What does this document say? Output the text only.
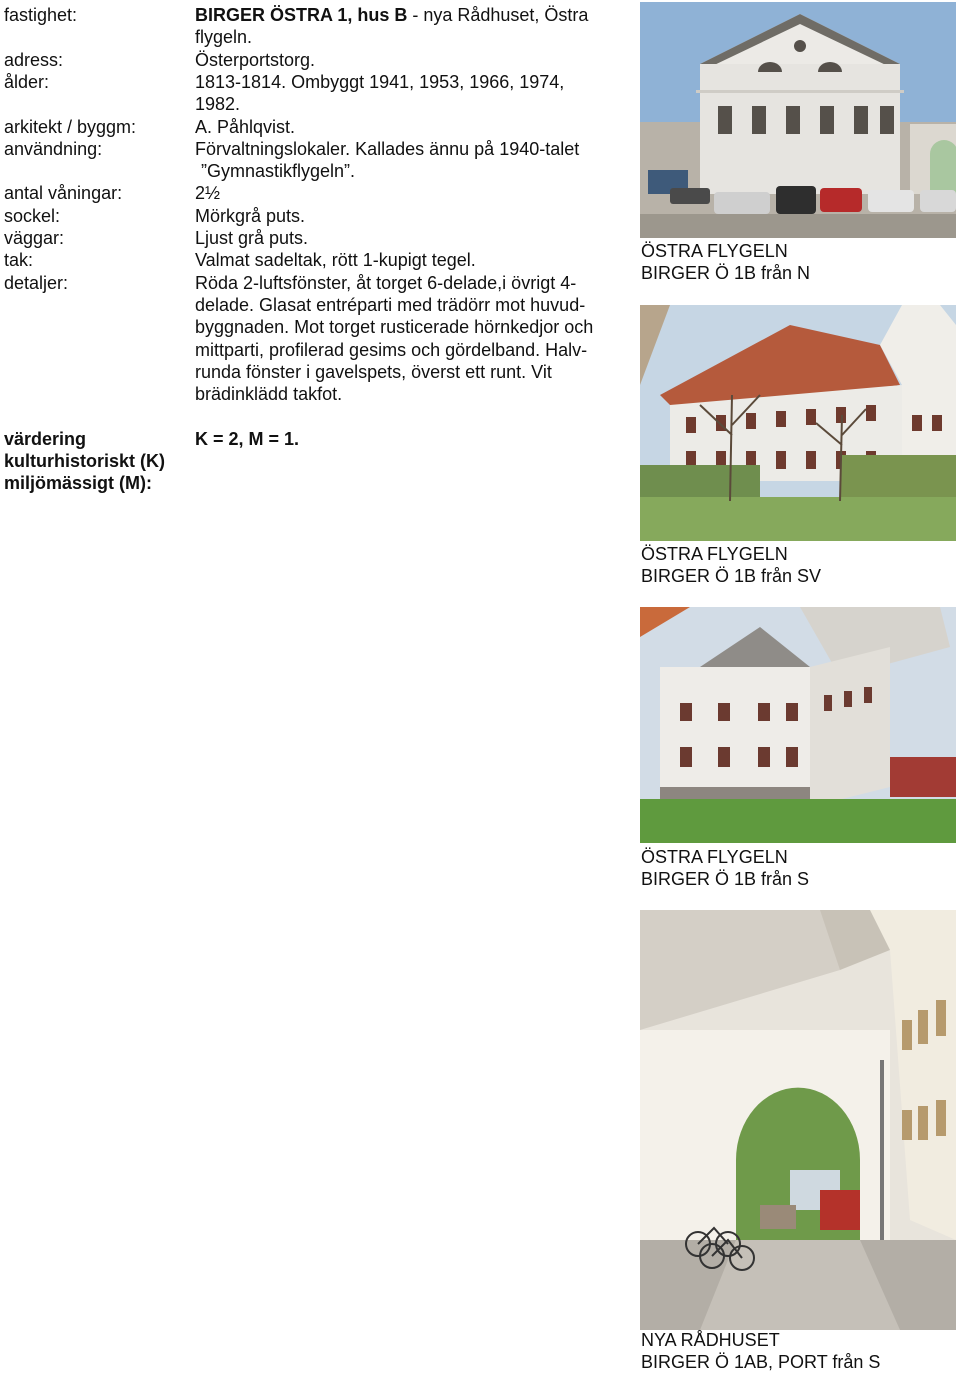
fastighet:	BIRGER ÖSTRA 1, hus B - nya Rådhuset, Östra
flygeln.
adress:	Österportstorg.
ålder:	1813-1814. Ombyggt 1941, 1953, 1966, 1974,
1982.
arkitekt / byggm:	A. Påhlqvist.
användning:	Förvaltningslokaler. Kallades ännu på 1940-talet
”Gymnastikflygeln”.
antal våningar:	2½
sockel:	Mörkgrå puts.
väggar:	Ljust grå puts.
tak:	Valmat sadeltak, rött 1-kupigt tegel.
detaljer:	Röda 2-luftsfönster, åt torget 6-delade,i övrigt 4-
delade. Glasat entréparti med trädörr mot huvud-
byggnaden. Mot torget rusticerade hörnkedjor och
mittparti, profilerad gesims och gördelband. Halv-
runda fönster i gavelspets, överst ett runt. Vit
brädinklädd takfot.
värdering
kulturhistoriskt (K)
miljömässigt (M):
K = 2, M = 1.
ÖSTRA FLYGELN
BIRGER Ö 1B från N
ÖSTRA FLYGELN
BIRGER Ö 1B från SV
ÖSTRA FLYGELN
BIRGER Ö 1B från S
NYA RÅDHUSET
BIRGER Ö 1AB, PORT från S
